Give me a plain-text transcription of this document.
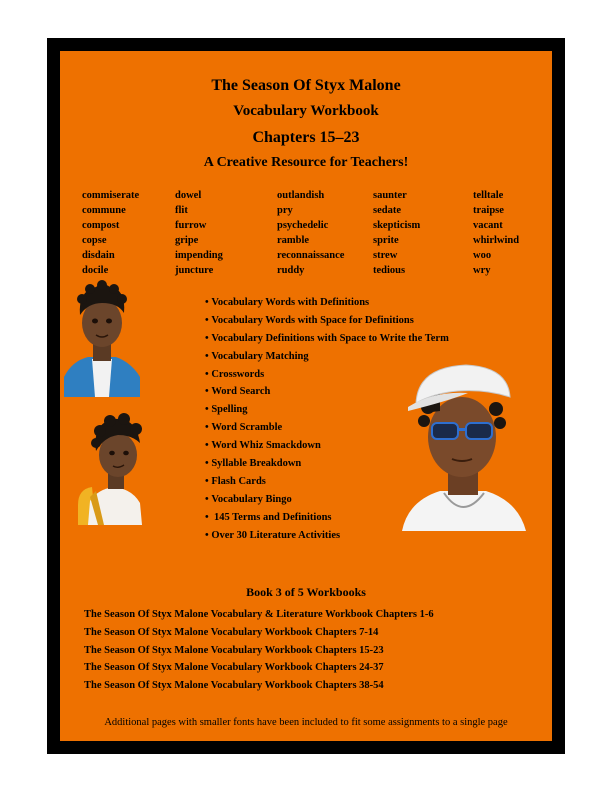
The Season Of Styx Malone
Vocabulary Workbook
Chapters 15–23
A Creative Resource for Teachers!
commiserate
commune
compost
copse
disdain
docile
dowel
flit
furrow
gripe
impending
juncture
outlandish
pry
psychedelic
ramble
reconnaissance
ruddy
saunter
sedate
skepticism
sprite
strew
tedious
telltale
traipse
vacant
whirlwind
woo
wry
• Vocabulary Words with Definitions
• Vocabulary Words with Space for Definitions
• Vocabulary Definitions with Space to Write the Term
• Vocabulary Matching
• Crosswords
• Word Search
• Spelling
• Word Scramble
• Word Whiz Smackdown
• Syllable Breakdown
• Flash Cards
• Vocabulary Bingo
•  145 Terms and Definitions
• Over 30 Literature Activities
Book 3 of 5 Workbooks
The Season Of Styx Malone Vocabulary & Literature Workbook Chapters 1-6
The Season Of Styx Malone Vocabulary Workbook Chapters 7-14
The Season Of Styx Malone Vocabulary Workbook Chapters 15-23
The Season Of Styx Malone Vocabulary Workbook Chapters 24-37
The Season Of Styx Malone Vocabulary Workbook Chapters 38-54
Additional pages with smaller fonts have been included to fit some assignments to a single page
